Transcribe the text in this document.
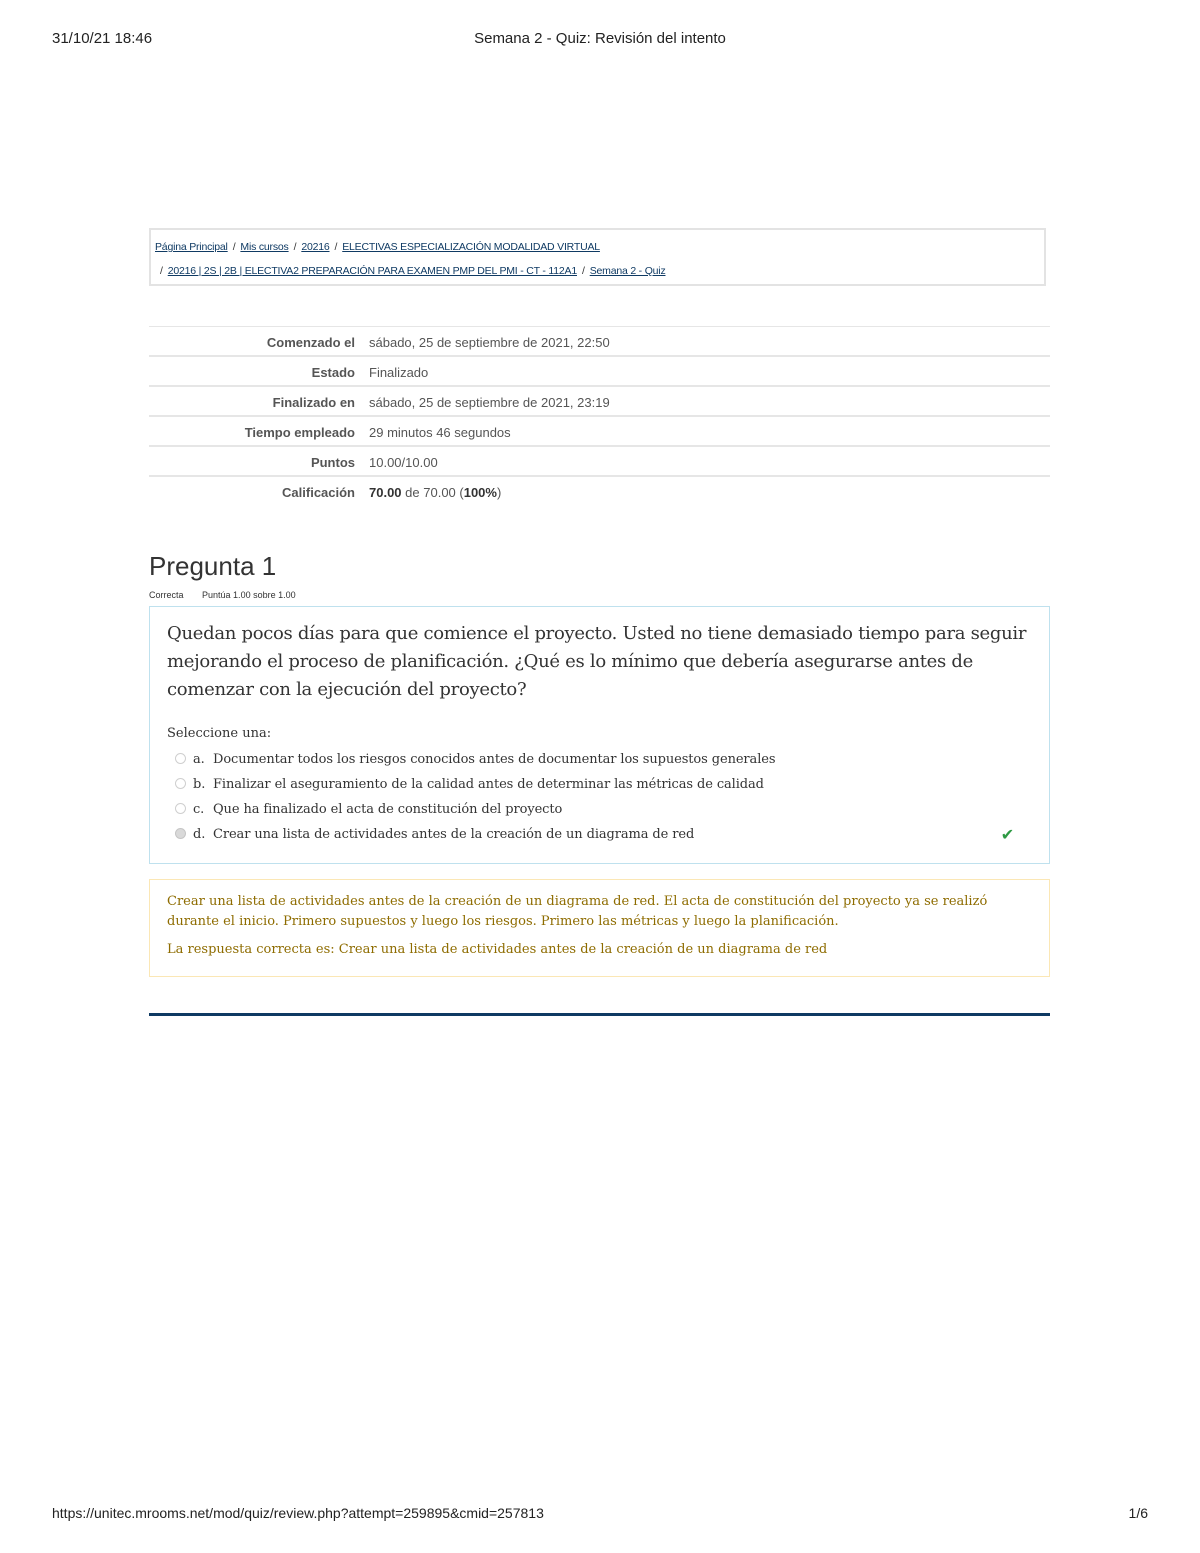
31/10/21 18:46	Semana 2 - Quiz: Revisión del intento
Página Principal / Mis cursos / 20216 / ELECTIVAS ESPECIALIZACIÓN MODALIDAD VIRTUAL
/ 20216 | 2S | 2B | ELECTIVA2 PREPARACIÓN PARA EXAMEN PMP DEL PMI - CT - 112A1 / Semana 2 - Quiz
Comenzado el	sábado, 25 de septiembre de 2021, 22:50
Estado	Finalizado
Finalizado en	sábado, 25 de septiembre de 2021, 23:19
Tiempo empleado	29 minutos 46 segundos
Puntos	10.00/10.00
Calificación	70.00 de 70.00 (100%)
Pregunta 1
Correcta Puntúa 1.00 sobre 1.00

Quedan pocos días para que comience el proyecto. Usted no tiene demasiado tiempo para seguir mejorando el proceso de planificación. ¿Qué es lo mínimo que debería asegurarse antes de comenzar con la ejecución del proyecto?

Seleccione una:
a. Documentar todos los riesgos conocidos antes de documentar los supuestos generales
b. Finalizar el aseguramiento de la calidad antes de determinar las métricas de calidad
c. Que ha finalizado el acta de constitución del proyecto
d. Crear una lista de actividades antes de la creación de un diagrama de red	✔

Crear una lista de actividades antes de la creación de un diagrama de red. El acta de constitución del proyecto ya se realizó durante el inicio. Primero supuestos y luego los riesgos. Primero las métricas y luego la planificación.

La respuesta correcta es: Crear una lista de actividades antes de la creación de un diagrama de red

https://unitec.mrooms.net/mod/quiz/review.php?attempt=259895&cmid=257813	1/6
